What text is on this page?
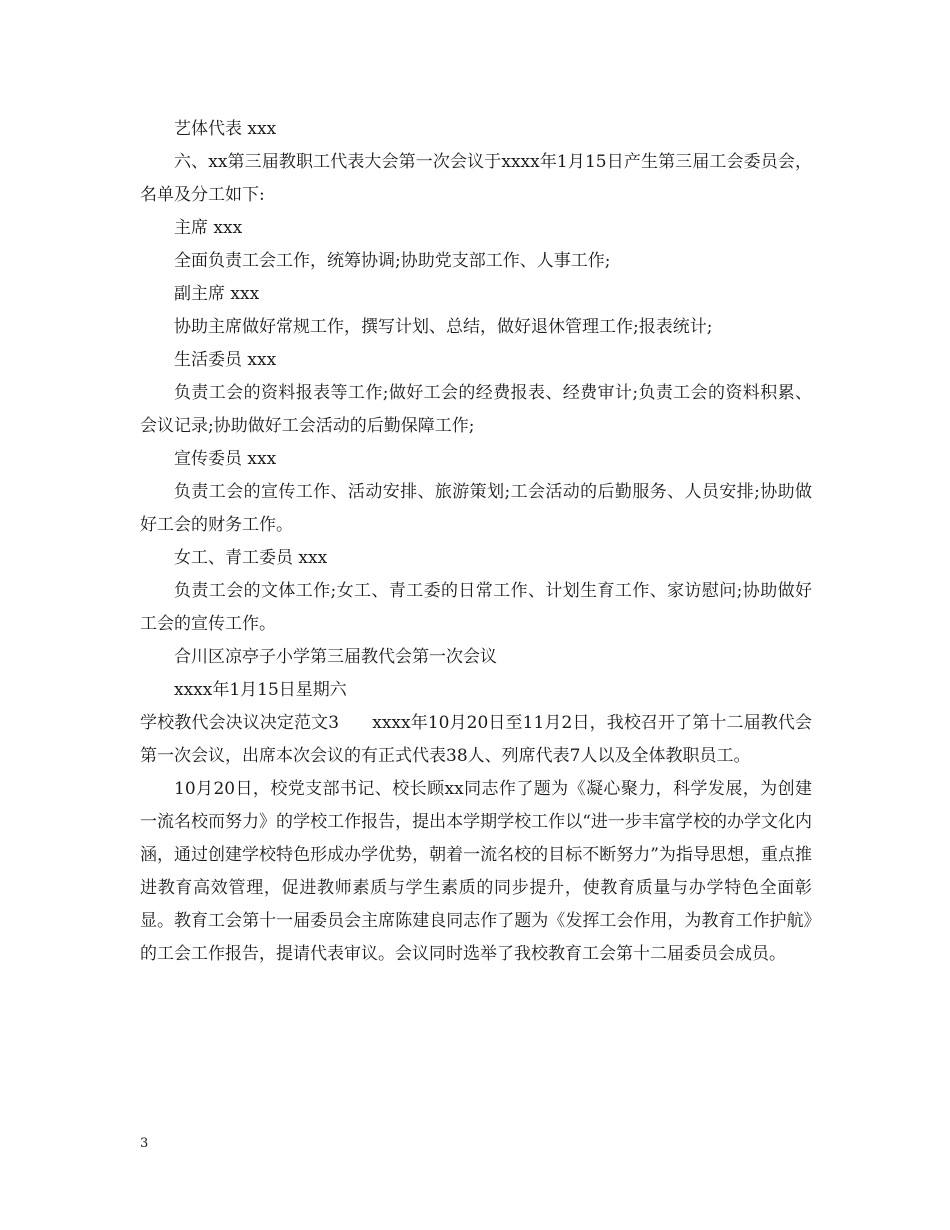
艺体代表 xxx

六、xx第三届教职工代表大会第一次会议于xxxx年1月15日产生第三届工会委员会，名单及分工如下:

主席 xxx

全面负责工会工作，统筹协调;协助党支部工作、人事工作;

副主席 xxx

协助主席做好常规工作，撰写计划、总结，做好退休管理工作;报表统计;

生活委员 xxx

负责工会的资料报表等工作;做好工会的经费报表、经费审计;负责工会的资料积累、会议记录;协助做好工会活动的后勤保障工作;

宣传委员 xxx

负责工会的宣传工作、活动安排、旅游策划;工会活动的后勤服务、人员安排;协助做好工会的财务工作。

女工、青工委员 xxx

负责工会的文体工作;女工、青工委的日常工作、计划生育工作、家访慰问;协助做好工会的宣传工作。

合川区凉亭子小学第三届教代会第一次会议

xxxx年1月15日星期六

学校教代会决议决定范文3      xxxx年10月20日至11月2日，我校召开了第十二届教代会第一次会议，出席本次会议的有正式代表38人、列席代表7人以及全体教职员工。

10月20日，校党支部书记、校长顾xx同志作了题为《凝心聚力，科学发展，为创建一流名校而努力》的学校工作报告，提出本学期学校工作以“进一步丰富学校的办学文化内涵，通过创建学校特色形成办学优势，朝着一流名校的目标不断努力”为指导思想，重点推进教育高效管理，促进教师素质与学生素质的同步提升，使教育质量与办学特色全面彰显。教育工会第十一届委员会主席陈建良同志作了题为《发挥工会作用，为教育工作护航》的工会工作报告，提请代表审议。会议同时选举了我校教育工会第十二届委员会成员。

3
